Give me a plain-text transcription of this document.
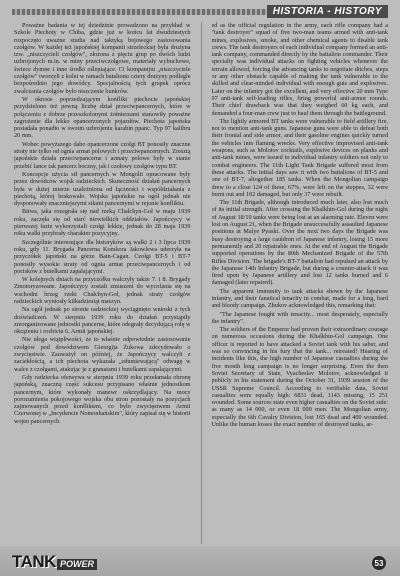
HISTORIA - HISTORY

Poważne badania w tej dziedzinie prowadzono na przykład w Szkole Piechoty w Chiba, gdzie już w końcu lat dwudziestych rozpoczęto uważne studia nad taktyką bojowego zastosowania czołgów. W każdej też japońskiej kompanii strzeleckiej była drużyna tzw. „niszczycieli czołgów", złożona z pięciu grup po dwóch ludzi uzbrojonych m.in. w miny przeciwczołgowe, materiały wybuchowe, świece dymne i inne środki oślepiające. Ci kompanijni „niszczyciele czołgów" tworzyli z kolei w ramach batalionu cztery drużyny podlegle bezpośrednio jego dowódcy. Specjalnością tych grupek oprócz zwalczania czołgów było niszczenie bunkrów.

W okresie poprzedzającym konflikt piechocie japońskiej przydzielono też pewną liczbę dział przeciwpancernych, które w połączeniu z dobrze przeszkolonymi żołnierzami stanowiły poważne zagrożenie dla lekko opancerzonych pojazdów. Piechota japońska posiadała ponadto w swoim uzbrojeniu karabin ppanc. Typ 97 kalibru 20 mm.

Wobec powyższego dabo opancerzone czołgi BT ponosiły znaczne straty nie tylko od ognia armat polowych i przeciwpancernych. Zresztą japońskie działa przeciwpancerne i armaty polowe były w stanie przebić lance tak pancerz boczny, jak i czołowy czołgów typu BT.

Koncepcje użycia sił pancernych w Mongolii opracowane były przez dowódców wojsk radzieckich. Skuteczność działań pancernych była w dużej mierze uzależniona od łączności i współdziałania z piechotą, której brakowało. Wojska japońskie na ogół jednak nie dysponowały znaczniejszymi siłami pancernymi w rejonie konfliktu.

Bitwa, jaka rozegrała się nad rzeką Chałchyn-Goł w maju 1939 roku, zaczęła się od starć niewielkich oddziałów. Japończycy w pierwszej fazie wykorzystali czołgi lekkie, jednak do 28 maja 1939 roku walki przybrały charakter pozycyjny.

Szczególnie interesujące dla historyków są walki 2 i 3 lipca 1939 roku, gdy 11. Brygada Pancerna Komkora Jakowlewa uderzyła na przyczółek japoński na górze Bain-Cagan. Czołgi BT-5 i BT-7 ponosiły wysokie straty od ognia armat przeciwpancernych i od pocisków z butelkami zapalającymi.

W kolejnych dniach na przyczółku walczyły także 7. i 8. Brygady Zmotoryzowane. Japończycy zostali zmuszeni do wycofania się na wschodni brzeg rzeki Chałchyn-Goł, jednak straty czołgów radzieckich wyniosły kilkadziesiąt maszyn.

Na ogół jednak po stronie radzieckiej wyciągnięto wnioski z tych doświadczeń. W sierpniu 1939 roku do działań przystąpiły zreorganizowane jednostki pancerne, które odegrały decydującą rolę w okrążeniu i rozbiciu 6. Armii japońskiej.

Nie ulega wiątpliwości, że to właśnie odpowiednie zastosowanie czołgów pod dowództwem Gieorgija Żukowa zdecydowało o zwycięstwie. Zauważył on później, że Japończycy walczyli z zaciekłością, a ich piechota wykazała „zdumiewającą" odwagę w walce z czołgami, atakując je z granatami i butelkami zapalającymi.

Gdy radziecka ofensywa w sierpniu 1939 roku przełamała obronę japońską, znaczną część sukcesu przypisano właśnie jednostkom pancernym, które wykonały manewr oskrzydlający. Na mocy porozumienia pokojowego wojska obu stron pozostały na pozycjach zajmowanych przed konfliktem, co było zwycięstwem Armii Czerwonej w „Incydencie Nomonhańskim", który zapisał się w historii wojen pancernych.

ed as the official regulation in the army, each rifle company had a "tank destroyer" squad of five two-man teams armed with anti-tank mines, explosives, smoke, and other chemical agents to disable tank crews. The tank destroyers of each individual company formed an anti-tank company, commanded directly by the battalion commander. Their specialty was individual attacks on fighting vehicles whenever the terrain allowed, forcing the advancing tanks to negotiate ditches, steps or any other obstacle capable of making the tank vulnerable to the skilled and clear-minded individual with enough guts and explosives. Later on the infantry got the excellent, and very effective 20 mm Type 97 anti-tank self-loading rifles, firing powerful anti-armor rounds. Their chief drawback was that they weighed 60 kg each, and demanded a four-man crew just to haul them through the battleground.

The lightly armored BT tanks were vulnerable to field artillery fire, not to mention anti-tank guns. Japanese guns were able to defeat both their frontal and side armor, and their gasoline engines quickly turned the vehicles into flaming wrecks. Very effective improvised anti-tank weapons, such as Molotov cocktails, explosive devices on planks and anti-tank mines, were issued to individual infantry soldiers not only to combat engineers. The 11th Light Tank Brigade suffered most from these attacks. The initial days saw it with two battalions of BT-5 and one of BT-7, altogether 185 tanks. When the Mongolian campaign drew to a close 124 of these, 67%, were left on the steppes, 32 were burnt out and 102 damaged, but only 37 were rebuilt.

The 11th Brigade, although introduced much later, also lost much of its initial strength. After crossing the Khalkhin-Gol during the night of August 18/19 tanks were being lost at an alarming rate. Eleven were lost on August 21, when the Brigade unsuccessfully assaulted Japanese positions at Malye Pyaski. Over the next two days the Brigade was busy destroying a large cauldron of Japanese infantry, losing 15 more permanently and 20 repairable ones. At the end of August the Brigade supported operations by the 80th Mechanized Brigade of the 57th Rifles Division. The brigade's BT-7 battalion had repulsed an attack by the Japanese 14th Infantry Brigade, but during a counter-attack it was fired upon by Japanese artillery and lost 12 tanks burned and 6 damaged (later repaired).

The apparent immunity to tank attacks shown by the Japanese infantry, and their fanatical tenacity in combat, made for a long, hard and bloody campaign. Zhukov acknowledged this, remarking that:

"The Japanese fought with tenacity... most desperately, especially the infantry".

The soldiers of the Emperor had proven their extraordinary courage on numerous occasions during the Khalkhin-Gol campaign. One officer is reported to have attacked a Soviet tank with his saber, and was so convincing in his fury that the tank... retreated! Hearing of incidents like this, the high number of Japanese casualties during the five month long campaign is no longer surprising. Even the then Soviet Secretary of State, Vyacheslav Molotov, acknowledged it publicly in his statement during the October 31, 1939 session of the USSR Supreme Council. According to verifiable data, Soviet casualties were equally high: 6831 dead, 1143 missing, 15 251 wounded. Some sources state even higher casualties on the Soviet side: as many as 14 000, or even 18 000 men. The Mongolian army, especially the 6th Cavalry Division, lost 165 dead and 400 wounded. Unlike the human losses the exact number of destroyed tanks, ar-

TANK POWER	53
